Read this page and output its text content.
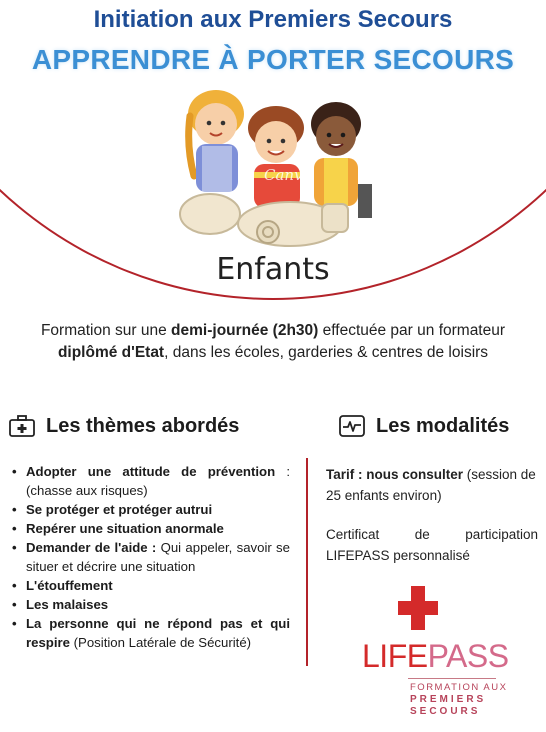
Initiation aux Premiers Secours
APPRENDRE À PORTER SECOURS
Canva
Enfants
Formation sur une demi-journée (2h30) effectuée par un formateur
diplômé d'Etat, dans les écoles, garderies & centres de loisirs
Les thèmes abordés	Les modalités
• Adopter une attitude de prévention : (chasse aux risques)
• Se protéger et protéger autrui
• Repérer une situation anormale
• Demander de l'aide : Qui appeler, savoir se situer et décrire une situation
• L'étouffement
• Les malaises
• La personne qui ne répond pas et qui respire (Position Latérale de Sécurité)
Tarif : nous consulter (session de 25 enfants environ)
Certificat de participation LIFEPASS personnalisé
LIFEPASS
FORMATION AUX
PREMIERS
SECOURS
